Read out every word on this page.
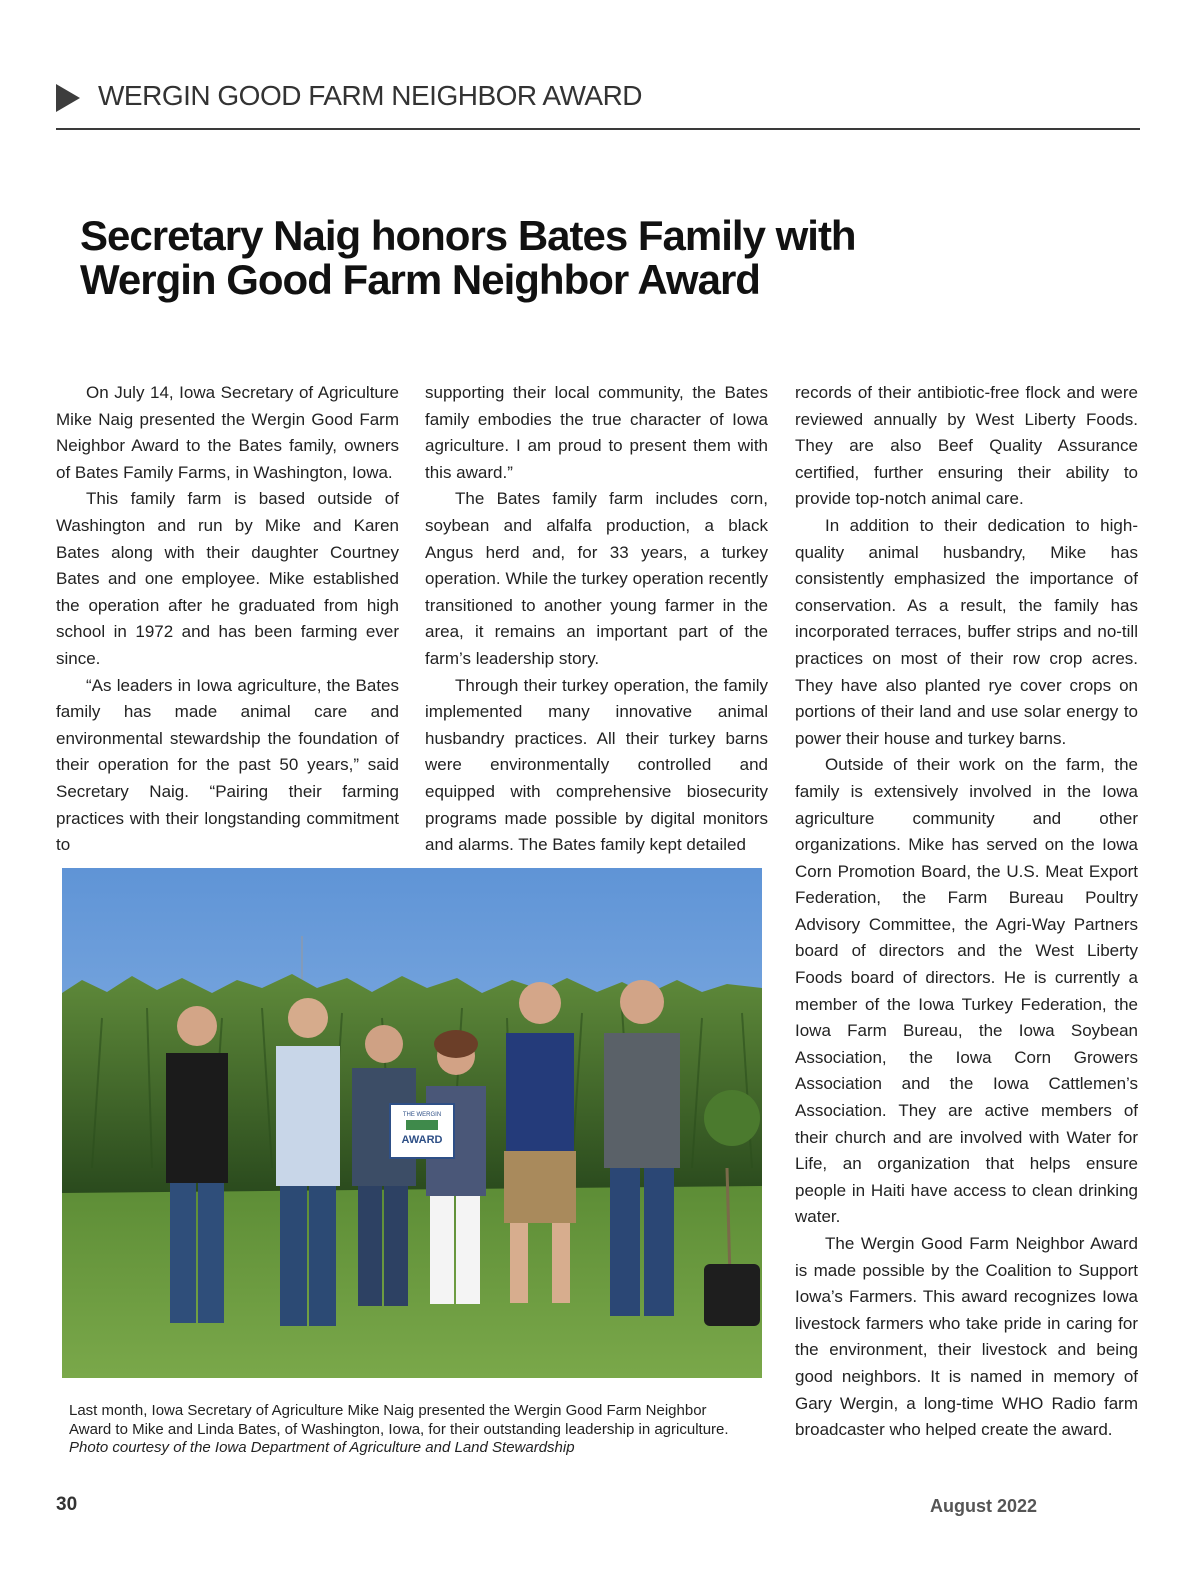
WERGIN GOOD FARM NEIGHBOR AWARD
Secretary Naig honors Bates Family with
Wergin Good Farm Neighbor Award

On July 14, Iowa Secretary of Agriculture Mike Naig presented the Wergin Good Farm Neighbor Award to the Bates family, owners of Bates Family Farms, in Washington, Iowa.

This family farm is based outside of Washington and run by Mike and Karen Bates along with their daughter Courtney Bates and one employee. Mike established the operation after he graduated from high school in 1972 and has been farming ever since.

“As leaders in Iowa agriculture, the Bates family has made animal care and environmental stewardship the foundation of their operation for the past 50 years,” said Secretary Naig. “Pairing their farming practices with their longstanding commitment to

supporting their local community, the Bates family embodies the true character of Iowa agriculture. I am proud to present them with this award.”

The Bates family farm includes corn, soybean and alfalfa production, a black Angus herd and, for 33 years, a turkey operation. While the turkey operation recently transitioned to another young farmer in the area, it remains an important part of the farm’s leadership story.

Through their turkey operation, the family implemented many innovative animal husbandry practices. All their turkey barns were environmentally controlled and equipped with comprehensive biosecurity programs made possible by digital monitors and alarms. The Bates family kept detailed

records of their antibiotic-free flock and were reviewed annually by West Liberty Foods. They are also Beef Quality Assurance certified, further ensuring their ability to provide top-notch animal care.

In addition to their dedication to high-quality animal husbandry, Mike has consistently emphasized the importance of conservation. As a result, the family has incorporated terraces, buffer strips and no-till practices on most of their row crop acres. They have also planted rye cover crops on portions of their land and use solar energy to power their house and turkey barns.

Outside of their work on the farm, the family is extensively involved in the Iowa agriculture community and other organizations. Mike has served on the Iowa Corn Promotion Board, the U.S. Meat Export Federation, the Farm Bureau Poultry Advisory Committee, the Agri-Way Partners board of directors and the West Liberty Foods board of directors. He is currently a member of the Iowa Turkey Federation, the Iowa Farm Bureau, the Iowa Soybean Association, the Iowa Corn Growers Association and the Iowa Cattlemen’s Association. They are active members of their church and are involved with Water for Life, an organization that helps ensure people in Haiti have access to clean drinking water.

The Wergin Good Farm Neighbor Award is made possible by the Coalition to Support Iowa’s Farmers. This award recognizes Iowa livestock farmers who take pride in caring for the environment, their livestock and being good neighbors. It is named in memory of Gary Wergin, a long-time WHO Radio farm broadcaster who helped create the award.

THE WERGIN
AWARD
Last month, Iowa Secretary of Agriculture Mike Naig presented the Wergin Good Farm Neighbor
Award to Mike and Linda Bates, of Washington, Iowa, for their outstanding leadership in agriculture.
Photo courtesy of the Iowa Department of Agriculture and Land Stewardship
30	August 2022
